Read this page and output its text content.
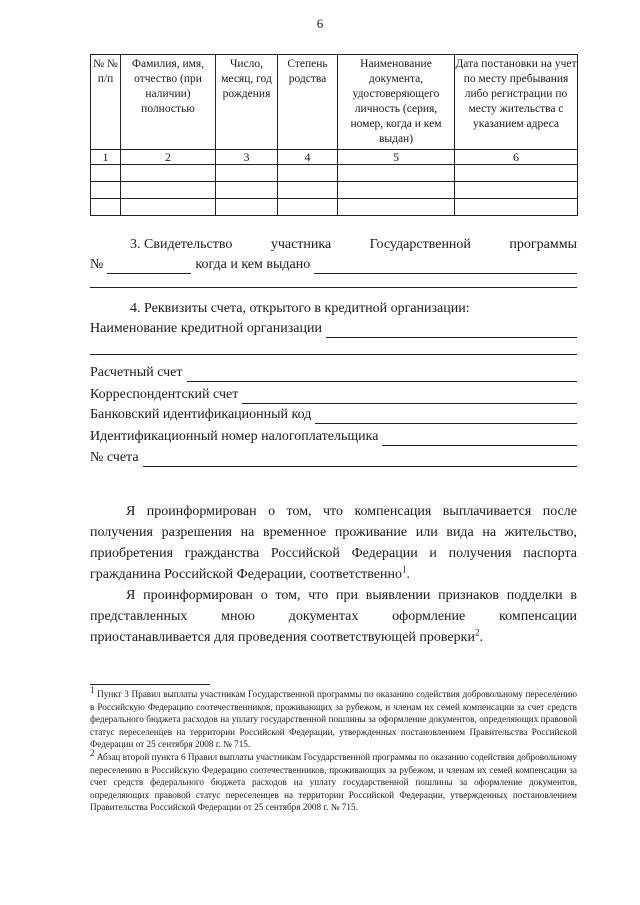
6
№ № п/п	Фамилия, имя, отчество (при наличии) полностью	Число, месяц, год рождения	Степень родства	Наименование документа, удостоверяющего личность (серия, номер, когда и кем выдан)	Дата постановки на учет по месту пребывания либо регистрации по месту жительства с указанием адреса
1	2	3	4	5	6

3. Свидетельство	участника	Государственной	программы
№	когда и кем выдано
4. Реквизиты счета, открытого в кредитной организации:
Наименование кредитной организации
Расчетный счет
Корреспондентский счет
Банковский идентификационный код
Идентификационный номер налогоплательщика
№ счета

Я проинформирован о том, что компенсация выплачивается после получения разрешения на временное проживание или вида на жительство, приобретения гражданства Российской Федерации и получения паспорта гражданина Российской Федерации, соответственно$^1$.

Я проинформирован о том, что при выявлении признаков подделки в представленных мною документах оформление компенсации приостанавливается для проведения соответствующей проверки$^2$.

$^1$ Пункт 3 Правил выплаты участникам Государственной программы по оказанию содействия добровольному переселению в Российскую Федерацию соотечественников, проживающих за рубежом, и членам их семей компенсации за счет средств федерального бюджета расходов на уплату государственной пошлины за оформление документов, определяющих правовой статус переселенцев на территории Российской Федерации, утвержденных постановлением Правительства Российской Федерации от 25 сентября 2008 г. № 715.

$^2$ Абзац второй пункта 6 Правил выплаты участникам Государственной программы по оказанию содействия добровольному переселению в Российскую Федерацию соотечественников, проживающих за рубежом, и членам их семей компенсации за счет средств федерального бюджета расходов на уплату государственной пошлины за оформление документов, определяющих правовой статус переселенцев на территории Российской Федерации, утвержденных постановлением Правительства Российской Федерации от 25 сентября 2008 г. № 715.
